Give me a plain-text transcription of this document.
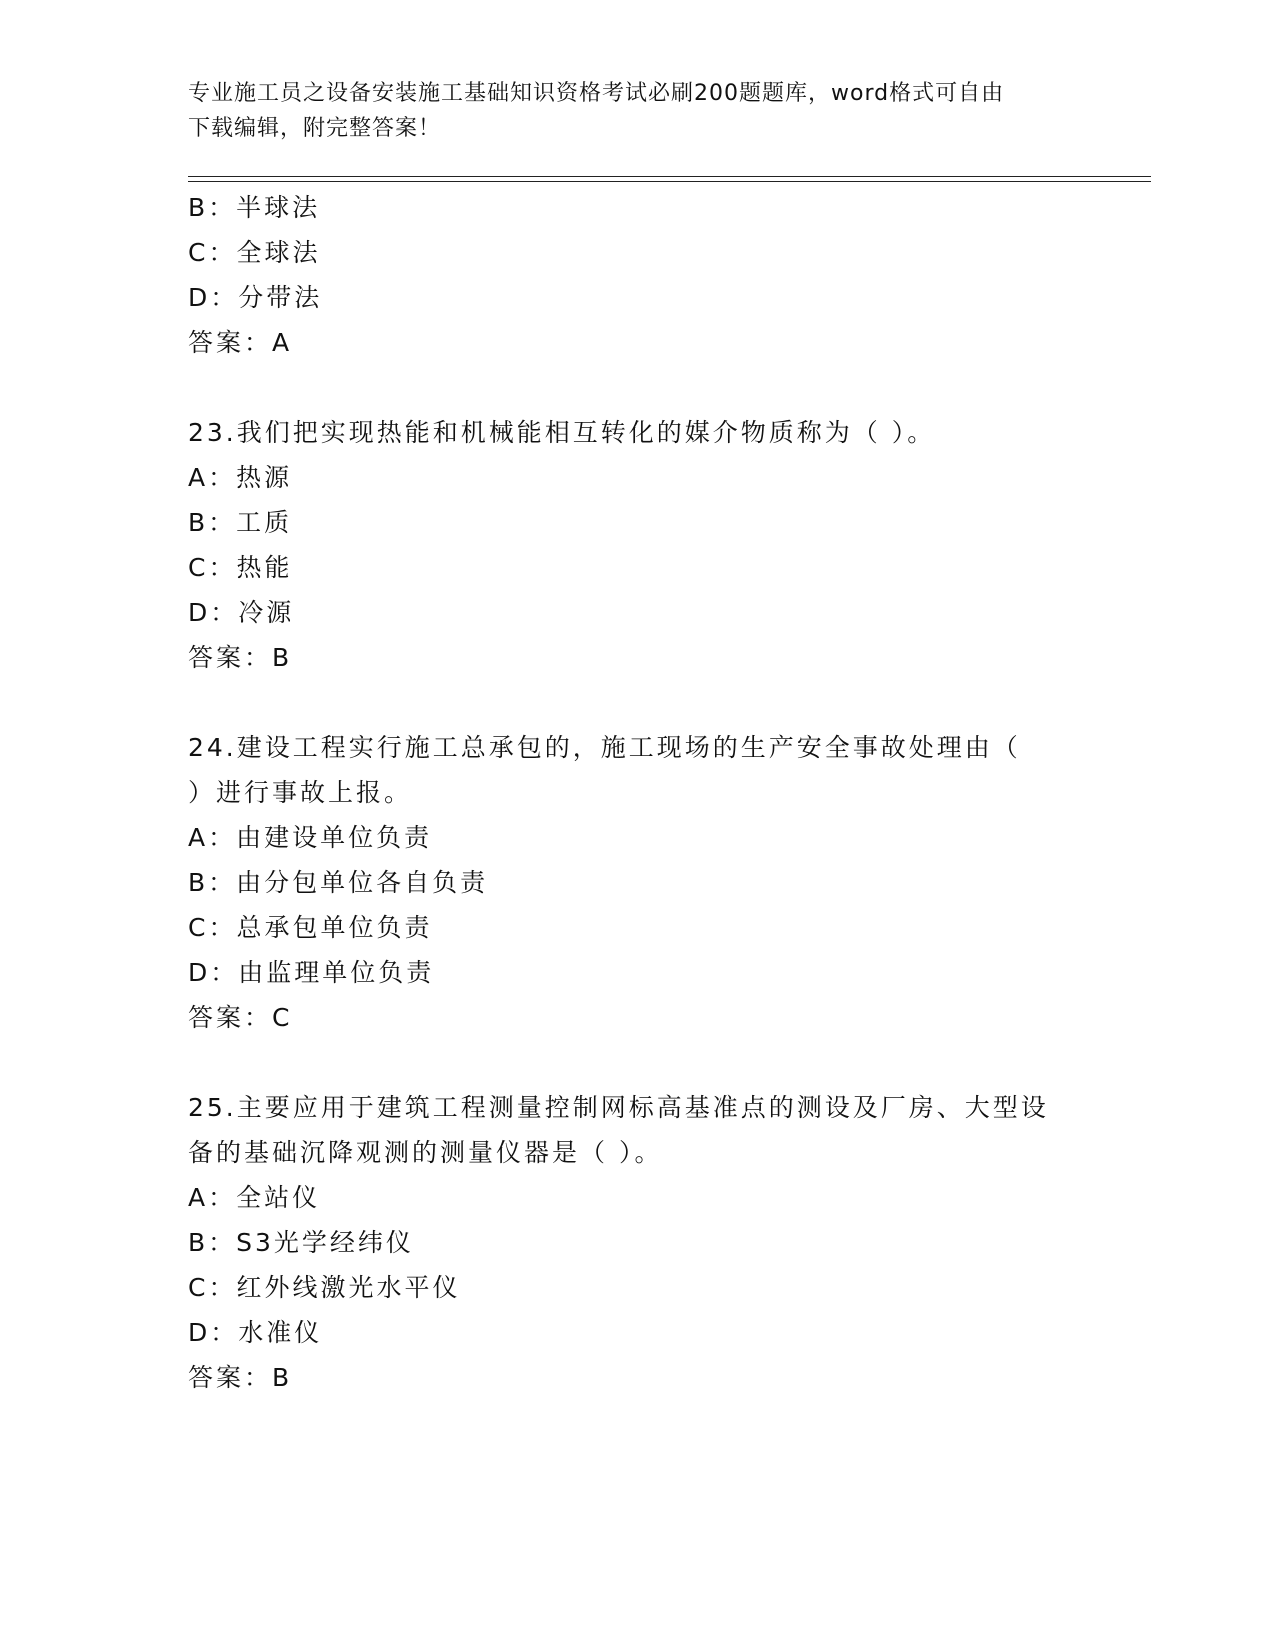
专业施工员之设备安装施工基础知识资格考试必刷200题题库，word格式可自由
下载编辑，附完整答案！
B：半球法
C：全球法
D：分带法
答案：A
23.我们把实现热能和机械能相互转化的媒介物质称为（ ）。
A：热源
B：工质
C：热能
D：冷源
答案：B
24.建设工程实行施工总承包的，施工现场的生产安全事故处理由（
）进行事故上报。
A：由建设单位负责
B：由分包单位各自负责
C：总承包单位负责
D：由监理单位负责
答案：C
25.主要应用于建筑工程测量控制网标高基准点的测设及厂房、大型设
备的基础沉降观测的测量仪器是（ ）。
A：全站仪
B：S3光学经纬仪
C：红外线激光水平仪
D：水准仪
答案：B
